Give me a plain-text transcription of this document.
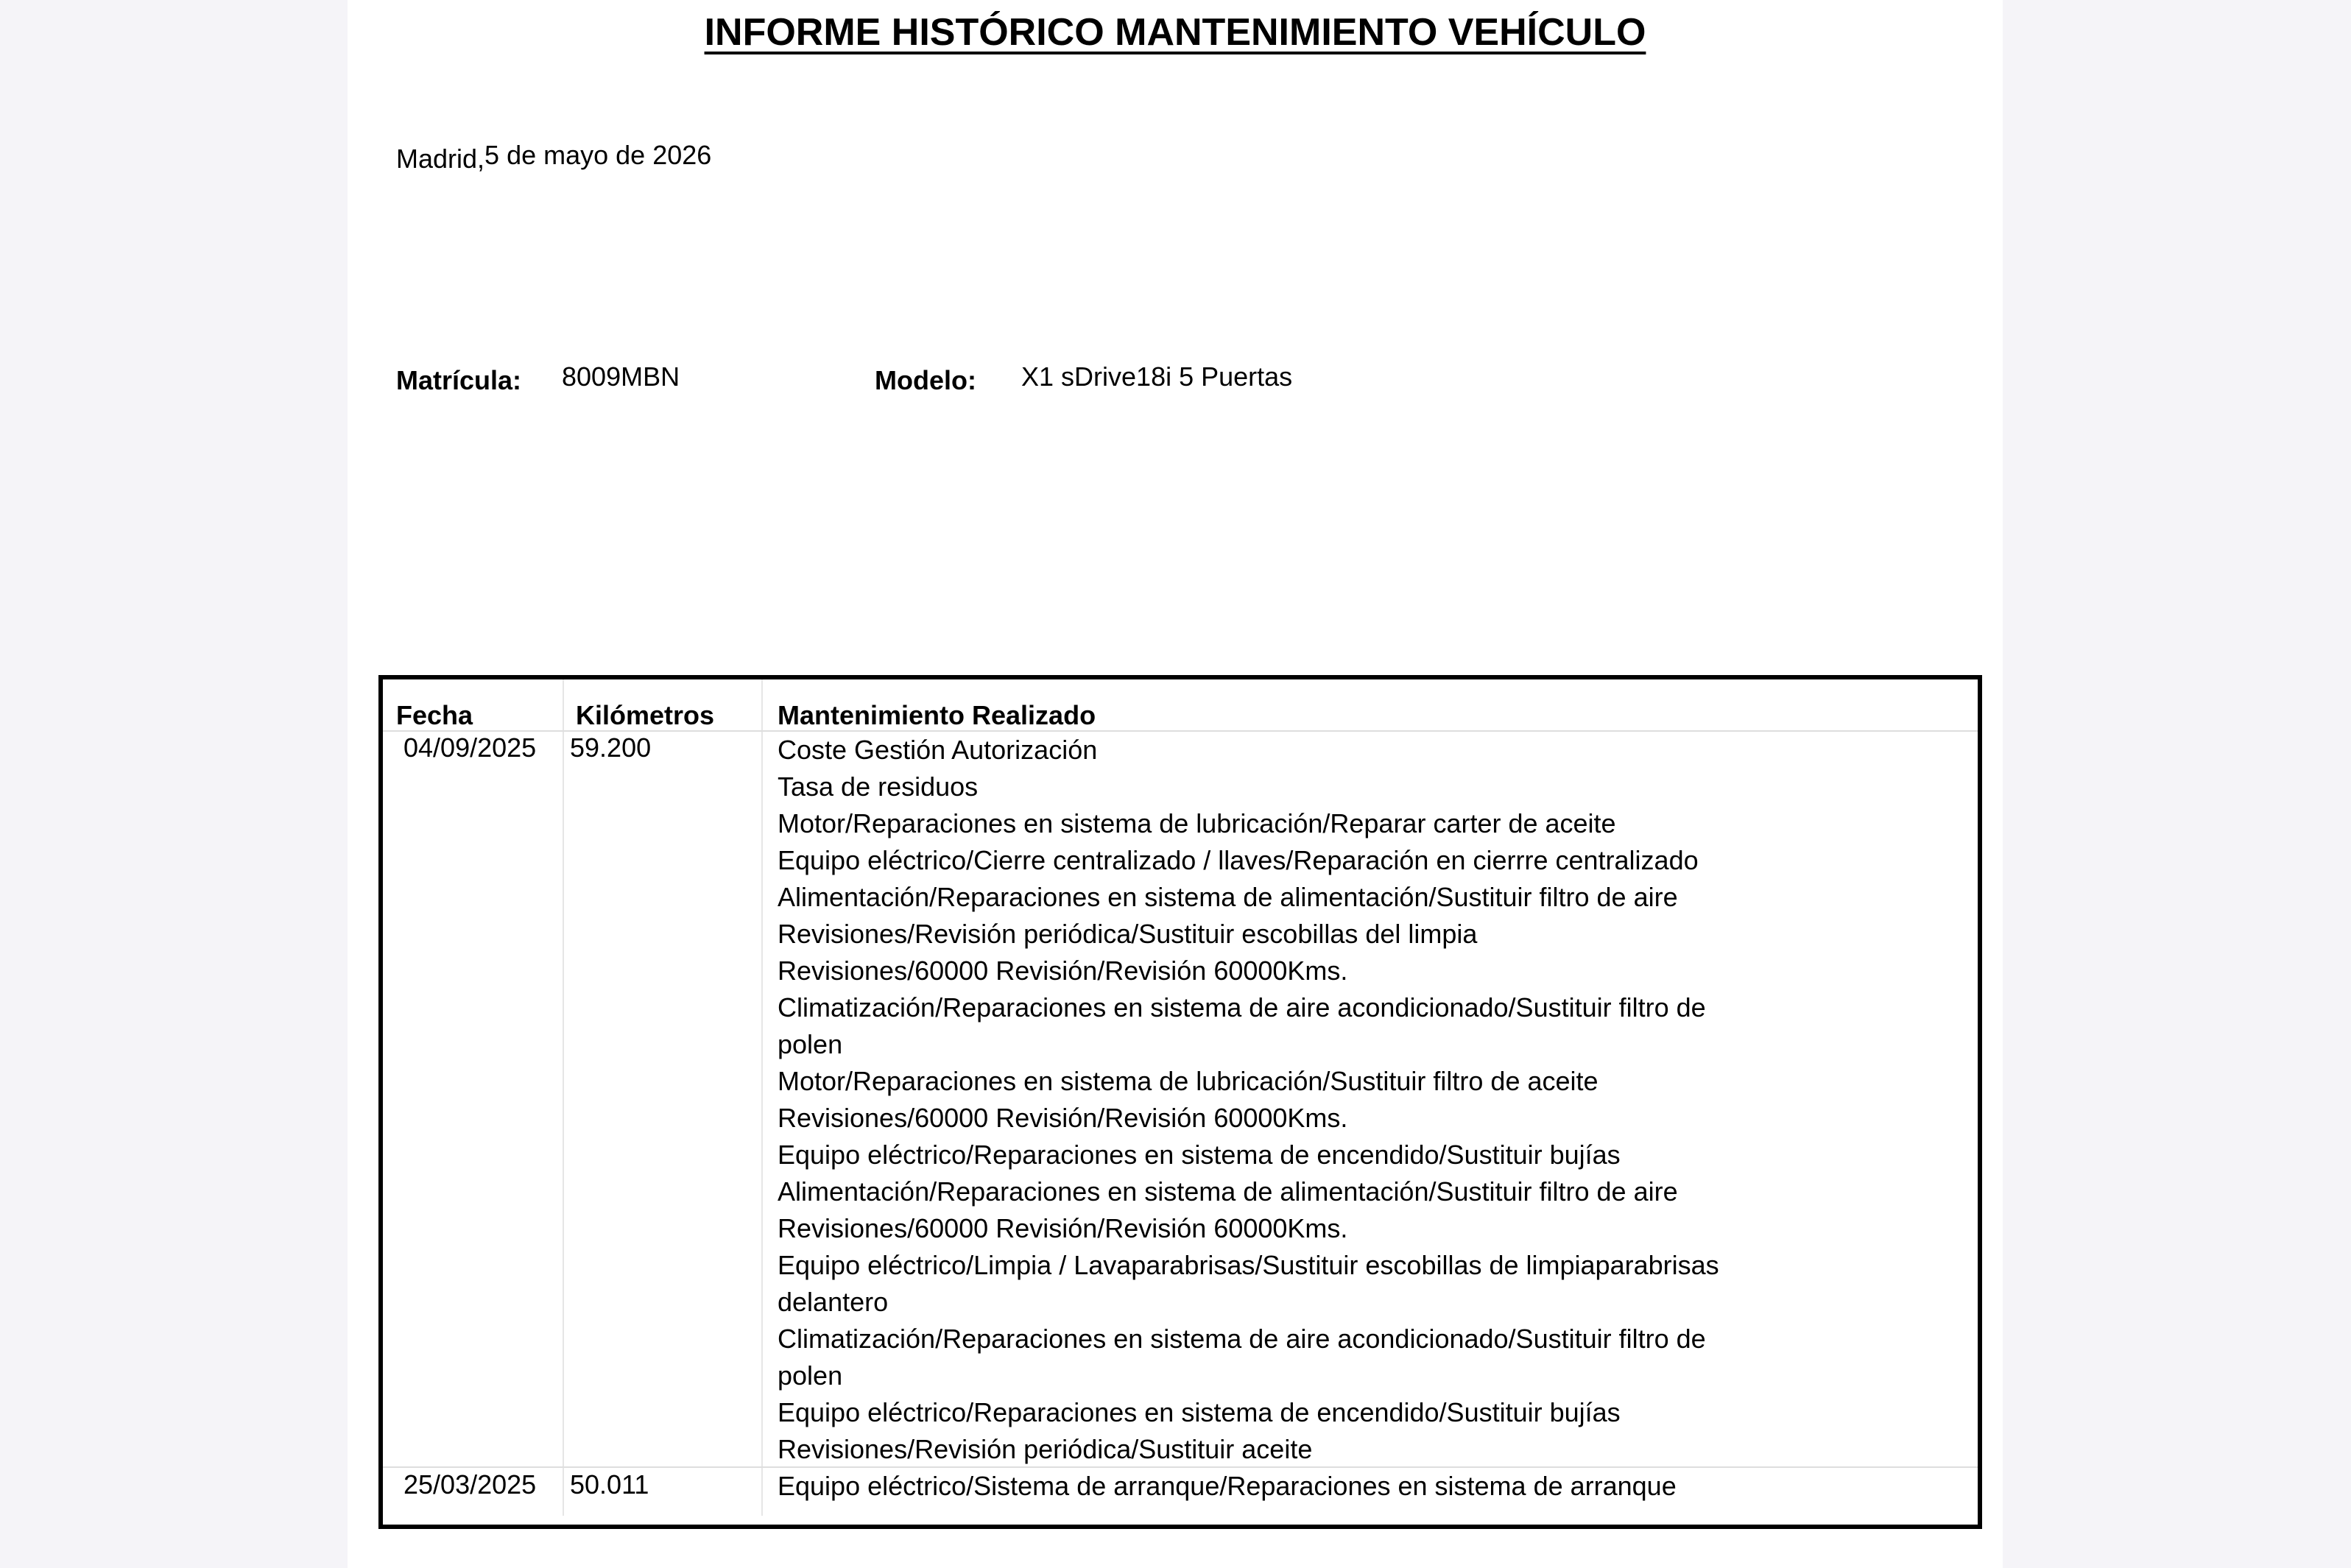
INFORME HISTÓRICO MANTENIMIENTO VEHÍCULO
Madrid,5 de mayo de 2026
Matrícula: 8009MBN	Modelo: X1 sDrive18i 5 Puertas
Fecha	Kilómetros Mantenimiento Realizado
04/09/2025 59.200	Coste Gestión Autorización
Tasa de residuos
Motor/Reparaciones en sistema de lubricación/Reparar carter de aceite
Equipo eléctrico/Cierre centralizado / llaves/Reparación en cierrre centralizado
Alimentación/Reparaciones en sistema de alimentación/Sustituir filtro de aire
Revisiones/Revisión periódica/Sustituir escobillas del limpia
Revisiones/60000 Revisión/Revisión 60000Kms.
Climatización/Reparaciones en sistema de aire acondicionado/Sustituir filtro de polen
Motor/Reparaciones en sistema de lubricación/Sustituir filtro de aceite
Revisiones/60000 Revisión/Revisión 60000Kms.
Equipo eléctrico/Reparaciones en sistema de encendido/Sustituir bujías
Alimentación/Reparaciones en sistema de alimentación/Sustituir filtro de aire
Revisiones/60000 Revisión/Revisión 60000Kms.
Equipo eléctrico/Limpia / Lavaparabrisas/Sustituir escobillas de limpiaparabrisas delantero
Climatización/Reparaciones en sistema de aire acondicionado/Sustituir filtro de polen
Equipo eléctrico/Reparaciones en sistema de encendido/Sustituir bujías
Revisiones/Revisión periódica/Sustituir aceite
25/03/2025 50.011	Equipo eléctrico/Sistema de arranque/Reparaciones en sistema de arranque
